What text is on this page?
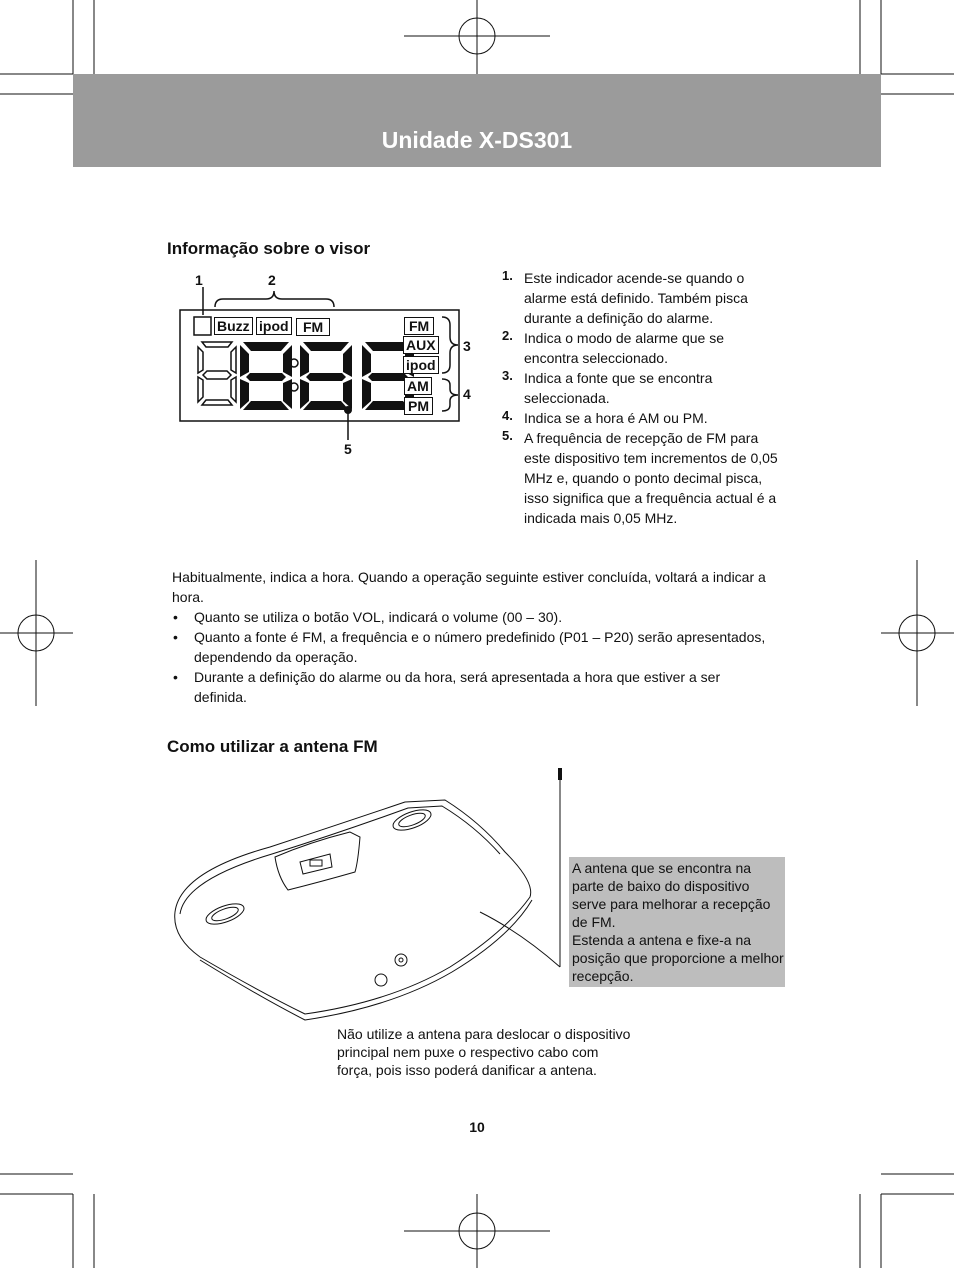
Unidade X-DS301
Informação sobre o visor
1	2
3
4
5
Buzz ipod	FM	FM
AUX
ipod
AM
PM
1. Este indicador acende-se quando o alarme está definido. Também pisca durante a definição do alarme.
2. Indica o modo de alarme que se encontra seleccionado.
3. Indica a fonte que se encontra seleccionada.
4. Indica se a hora é AM ou PM.
5. A frequência de recepção de FM para este dispositivo tem incrementos de 0,05 MHz e, quando o ponto decimal pisca, isso significa que a frequência actual é a indicada mais 0,05 MHz.

Habitualmente, indica a hora. Quando a operação seguinte estiver concluída, voltará a indicar a hora.

• Quanto se utiliza o botão VOL, indicará o volume (00 – 30).
• Quanto a fonte é FM, a frequência e o número predefinido (P01 – P20) serão apresentados, dependendo da operação.
• Durante a definição do alarme ou da hora, será apresentada a hora que estiver a ser definida.
Como utilizar a antena FM
A antena que se encontra na parte de baixo do dispositivo serve para melhorar a recepção de FM.
Estenda a antena e fixe-a na posição que proporcione a melhor recepção.
Não utilize a antena para deslocar o dispositivo principal nem puxe o respectivo cabo com força, pois isso poderá danificar a antena.
10
